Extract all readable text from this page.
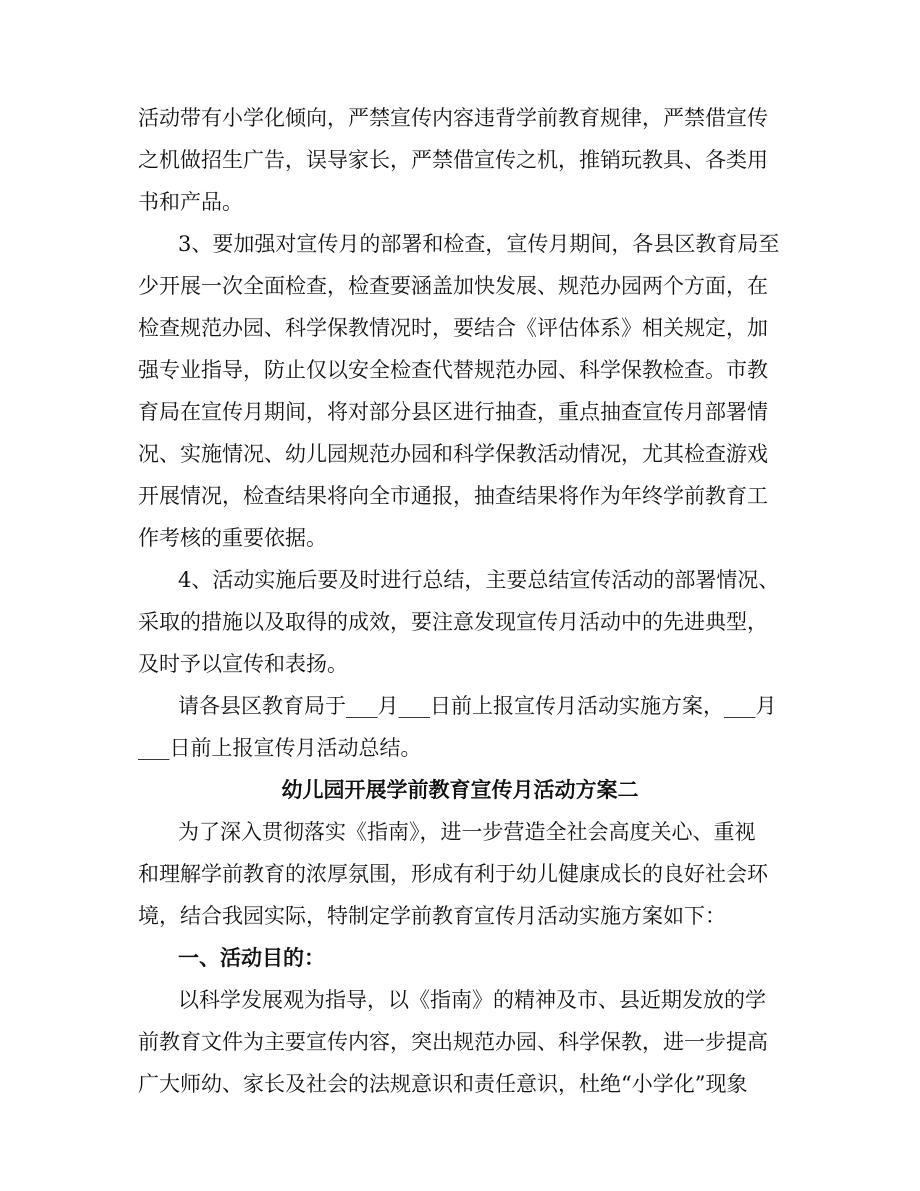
活动带有小学化倾向，严禁宣传内容违背学前教育规律，严禁借宣传
之机做招生广告，误导家长，严禁借宣传之机，推销玩教具、各类用
书和产品。
3、要加强对宣传月的部署和检查，宣传月期间，各县区教育局至
少开展一次全面检查，检查要涵盖加快发展、规范办园两个方面，在
检查规范办园、科学保教情况时，要结合《评估体系》相关规定，加
强专业指导，防止仅以安全检查代替规范办园、科学保教检查。市教
育局在宣传月期间，将对部分县区进行抽查，重点抽查宣传月部署情
况、实施情况、幼儿园规范办园和科学保教活动情况，尤其检查游戏
开展情况，检查结果将向全市通报，抽查结果将作为年终学前教育工
作考核的重要依据。
4、活动实施后要及时进行总结，主要总结宣传活动的部署情况、
采取的措施以及取得的成效，要注意发现宣传月活动中的先进典型，
及时予以宣传和表扬。
请各县区教育局于___月___日前上报宣传月活动实施方案，___月
___日前上报宣传月活动总结。
幼儿园开展学前教育宣传月活动方案二
为了深入贯彻落实《指南》，进一步营造全社会高度关心、重视
和理解学前教育的浓厚氛围，形成有利于幼儿健康成长的良好社会环
境，结合我园实际，特制定学前教育宣传月活动实施方案如下：
一、活动目的：
以科学发展观为指导，以《指南》的精神及市、县近期发放的学
前教育文件为主要宣传内容，突出规范办园、科学保教，进一步提高
广大师幼、家长及社会的法规意识和责任意识，杜绝“小学化”现象
